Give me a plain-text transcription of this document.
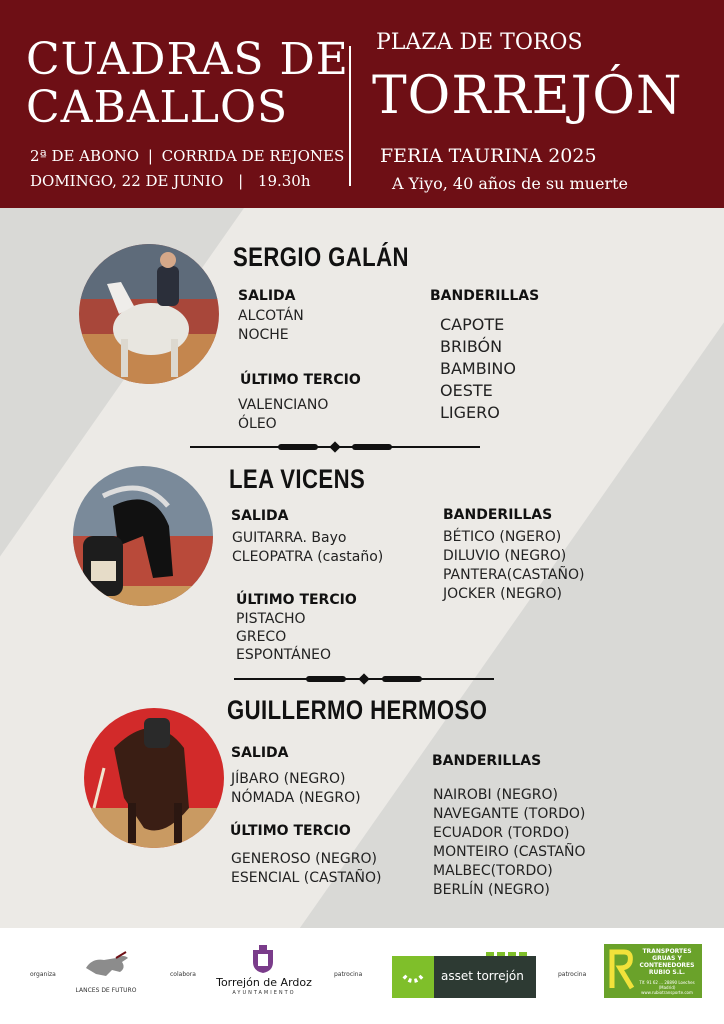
CUADRAS DE
CABALLOS
2ª DE ABONO | CORRIDA DE REJONES
DOMINGO, 22 DE JUNIO | 19.30h
PLAZA DE TOROS
TORREJÓN
FERIA TAURINA 2025
A Yiyo, 40 años de su muerte
SERGIO GALÁN
SALIDA
ALCOTÁN
NOCHE
ÚLTIMO TERCIO
VALENCIANO
ÓLEO
BANDERILLAS
CAPOTE
BRIBÓN
BAMBINO
OESTE
LIGERO
LEA VICENS
SALIDA
GUITARRA. Bayo
CLEOPATRA (castaño)
ÚLTIMO TERCIO
PISTACHO
GRECO
ESPONTÁNEO
BANDERILLAS
BÉTICO (NGERO)
DILUVIO (NEGRO)
PANTERA(CASTAÑO)
JOCKER (NEGRO)
GUILLERMO HERMOSO
SALIDA
JÍBARO (NEGRO)
NÓMADA (NEGRO)
ÚLTIMO TERCIO
GENEROSO (NEGRO)
ESENCIAL (CASTAÑO)
BANDERILLAS
NAIROBI (NEGRO)
NAVEGANTE (TORDO)
ECUADOR (TORDO)
MONTEIRO (CASTAÑO
MALBEC(TORDO)
BERLÍN (NEGRO)
organiza
LANCES DE FUTURO
colabora
Torrejón de Ardoz
AYUNTAMIENTO
patrocina	asset torrejón	patrocina
TRANSPORTES GRUAS Y CONTENEDORES RUBIO S.L.
Tlf. 91 62 ... 28890 Loeches (Madrid) www.rubiotransporte.com
